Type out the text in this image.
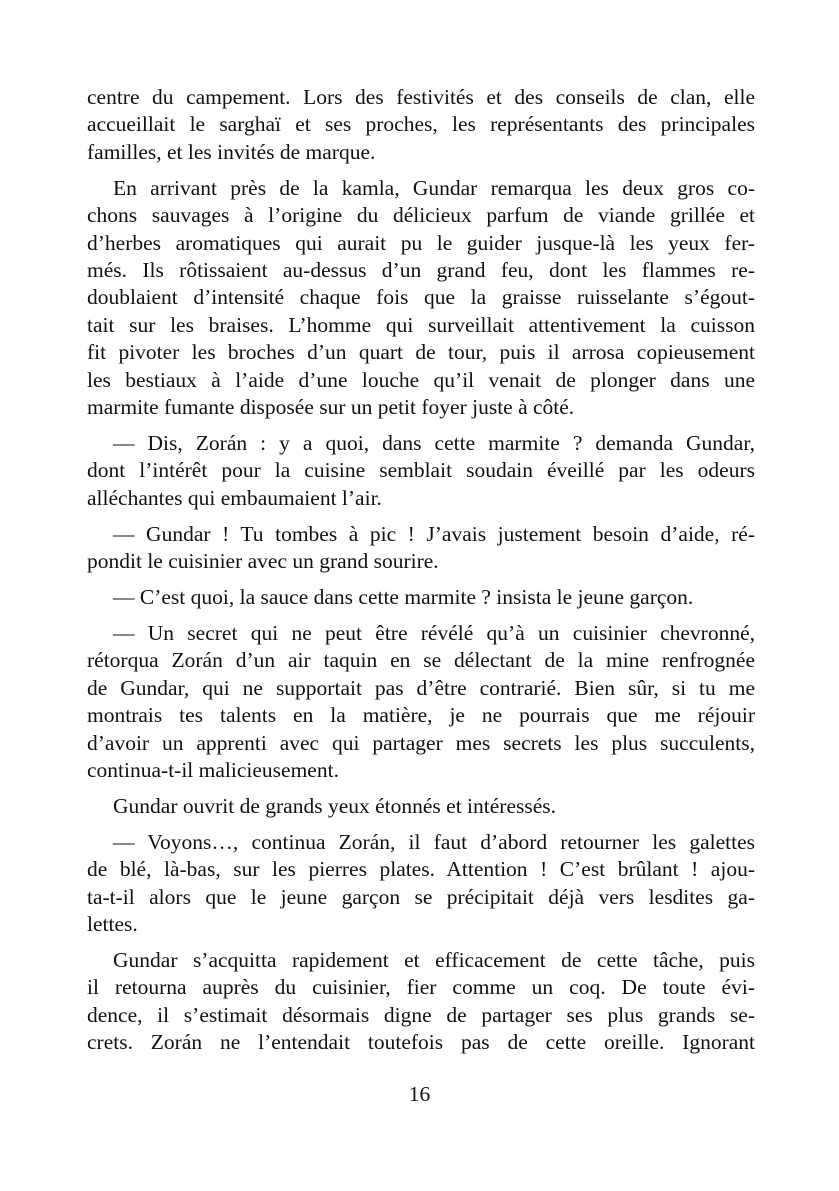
centre du campement. Lors des festivités et des conseils de clan, elle
accueillait le sarghaï et ses proches, les représentants des principales
familles, et les invités de marque.
En arrivant près de la kamla, Gundar remarqua les deux gros co-
chons sauvages à l’origine du délicieux parfum de viande grillée et
d’herbes aromatiques qui aurait pu le guider jusque-là les yeux fer-
més. Ils rôtissaient au-dessus d’un grand feu, dont les flammes re-
doublaient d’intensité chaque fois que la graisse ruisselante s’égout-
tait sur les braises. L’homme qui surveillait attentivement la cuisson
fit pivoter les broches d’un quart de tour, puis il arrosa copieusement
les bestiaux à l’aide d’une louche qu’il venait de plonger dans une
marmite fumante disposée sur un petit foyer juste à côté.
— Dis, Zorán : y a quoi, dans cette marmite ? demanda Gundar,
dont l’intérêt pour la cuisine semblait soudain éveillé par les odeurs
alléchantes qui embaumaient l’air.
— Gundar ! Tu tombes à pic ! J’avais justement besoin d’aide, ré-
pondit le cuisinier avec un grand sourire.
— C’est quoi, la sauce dans cette marmite ? insista le jeune garçon.
— Un secret qui ne peut être révélé qu’à un cuisinier chevronné,
rétorqua Zorán d’un air taquin en se délectant de la mine renfrognée
de Gundar, qui ne supportait pas d’être contrarié. Bien sûr, si tu me
montrais tes talents en la matière, je ne pourrais que me réjouir
d’avoir un apprenti avec qui partager mes secrets les plus succulents,
continua-t-il malicieusement.
Gundar ouvrit de grands yeux étonnés et intéressés.
— Voyons…, continua Zorán, il faut d’abord retourner les galettes
de blé, là-bas, sur les pierres plates. Attention ! C’est brûlant ! ajou-
ta-t-il alors que le jeune garçon se précipitait déjà vers lesdites ga-
lettes.
Gundar s’acquitta rapidement et efficacement de cette tâche, puis
il retourna auprès du cuisinier, fier comme un coq. De toute évi-
dence, il s’estimait désormais digne de partager ses plus grands se-
crets. Zorán ne l’entendait toutefois pas de cette oreille. Ignorant
16
